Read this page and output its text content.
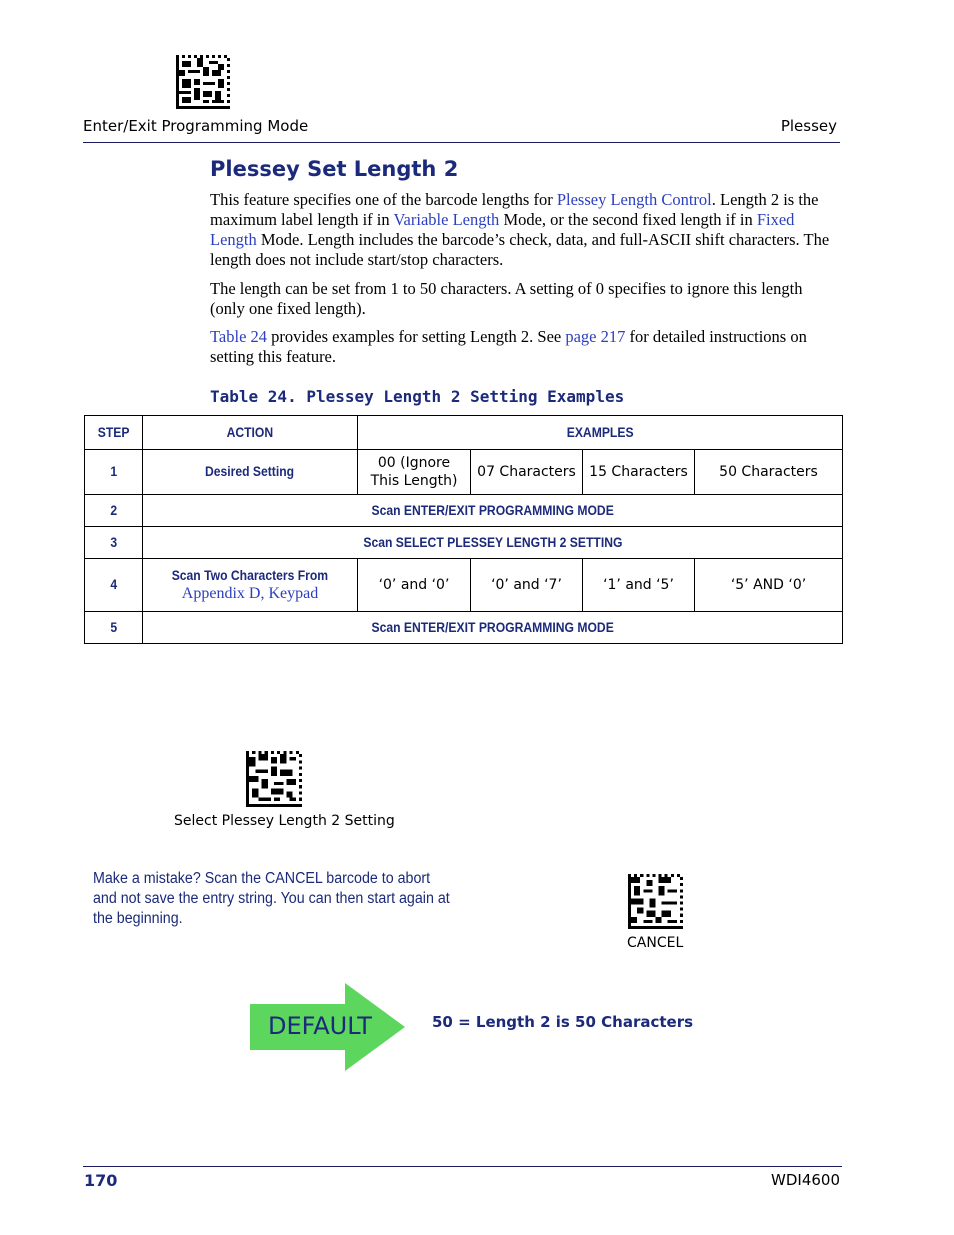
Enter/Exit Programming Mode	Plessey
Plessey Set Length 2
This feature specifies one of the barcode lengths for Plessey Length Control. Length 2 is the maximum label length if in Variable Length Mode, or the second fixed length if in Fixed Length Mode. Length includes the barcode’s check, data, and full-ASCII shift characters. The length does not include start/stop characters.
The length can be set from 1 to 50 characters. A setting of 0 specifies to ignore this length (only one fixed length).
Table 24 provides examples for setting Length 2. See page 217 for detailed instructions on setting this feature.
Table 24. Plessey Length 2 Setting Examples
STEP	ACTION	EXAMPLES			
1	Desired Setting	00 (Ignore This Length)	07 Characters	15 Characters	50 Characters
2	Scan ENTER/EXIT PROGRAMMING MODE				
3	Scan SELECT PLESSEY LENGTH 2 SETTING				
4	Scan Two Characters From
Appendix D, Keypad	‘0’ and ‘0’	‘0’ and ‘7’	‘1’ and ‘5’	‘5’ AND ‘0’
5	Scan ENTER/EXIT PROGRAMMING MODE				
Select Plessey Length 2 Setting
Make a mistake? Scan the CANCEL barcode to abort and not save the entry string. You can then start again at the beginning.
CANCEL
DEFAULT	50 = Length 2 is 50 Characters
170	WDI4600
